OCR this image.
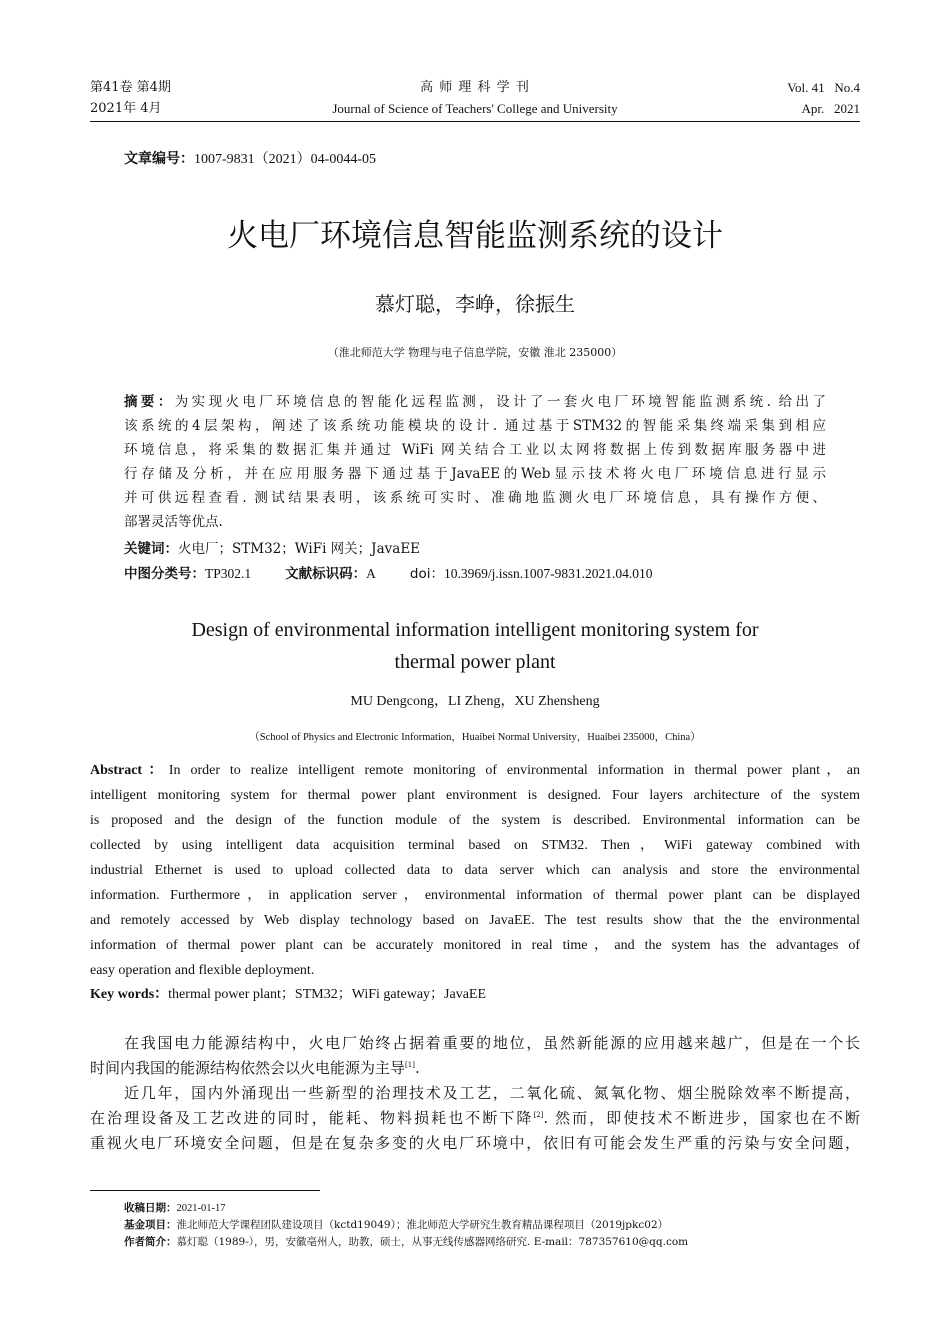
第41卷 第4期
2021年 4月
高 师 理 科 学 刊
Journal of Science of Teachers' College and University
Vol. 41   No.4
Apr.   2021
文章编号：1007-9831（2021）04-0044-05
火电厂环境信息智能监测系统的设计
慕灯聪，李峥，徐振生
（淮北师范大学 物理与电子信息学院，安徽 淮北 235000）
摘要：为实现火电厂环境信息的智能化远程监测，设计了一套火电厂环境智能监测系统. 给出了
该系统的4层架构，阐述了该系统功能模块的设计. 通过基于STM32的智能采集终端采集到相应
环境信息，将采集的数据汇集并通过 WiFi 网关结合工业以太网将数据上传到数据库服务器中进
行存储及分析，并在应用服务器下通过基于JavaEE的Web显示技术将火电厂环境信息进行显示
并可供远程查看. 测试结果表明，该系统可实时、准确地监测火电厂环境信息，具有操作方便、
部署灵活等优点.
关键词：火电厂；STM32；WiFi 网关；JavaEE
中图分类号：TP302.1	文献标识码：A	doi：10.3969/j.issn.1007-9831.2021.04.010
Design of environmental information intelligent monitoring system for
thermal power plant
MU Dengcong，LI Zheng，XU Zhensheng
（School of Physics and Electronic Information，Huaibei Normal University，Huaibei 235000，China）
Abstract：In order to realize intelligent remote monitoring of environmental information in thermal power plant，an
intelligent monitoring system for thermal power plant environment is designed. Four layers architecture of the system
is proposed and the design of the function module of the system is described. Environmental information can be
collected by using intelligent data acquisition terminal based on STM32. Then，WiFi gateway combined with
industrial Ethernet is used to upload collected data to data server which can analysis and store the environmental
information. Furthermore，in application server，environmental information of thermal power plant can be displayed
and remotely accessed by Web display technology based on JavaEE. The test results show that the the environmental
information of thermal power plant can be accurately monitored in real time，and the system has the advantages of
easy operation and flexible deployment.
Key words：thermal power plant；STM32；WiFi gateway；JavaEE
在我国电力能源结构中，火电厂始终占据着重要的地位，虽然新能源的应用越来越广，但是在一个长
时间内我国的能源结构依然会以火电能源为主导[1].
近几年，国内外涌现出一些新型的治理技术及工艺，二氧化硫、氮氧化物、烟尘脱除效率不断提高，
在治理设备及工艺改进的同时，能耗、物料损耗也不断下降[2]. 然而，即使技术不断进步，国家也在不断
重视火电厂环境安全问题，但是在复杂多变的火电厂环境中，依旧有可能会发生严重的污染与安全问题，
收稿日期：2021-01-17
基金项目：淮北师范大学课程团队建设项目（kctd19049）；淮北师范大学研究生教育精品课程项目（2019jpkc02）
作者简介：慕灯聪（1989-），男，安徽亳州人，助教，硕士，从事无线传感器网络研究. E-mail：787357610@qq.com
